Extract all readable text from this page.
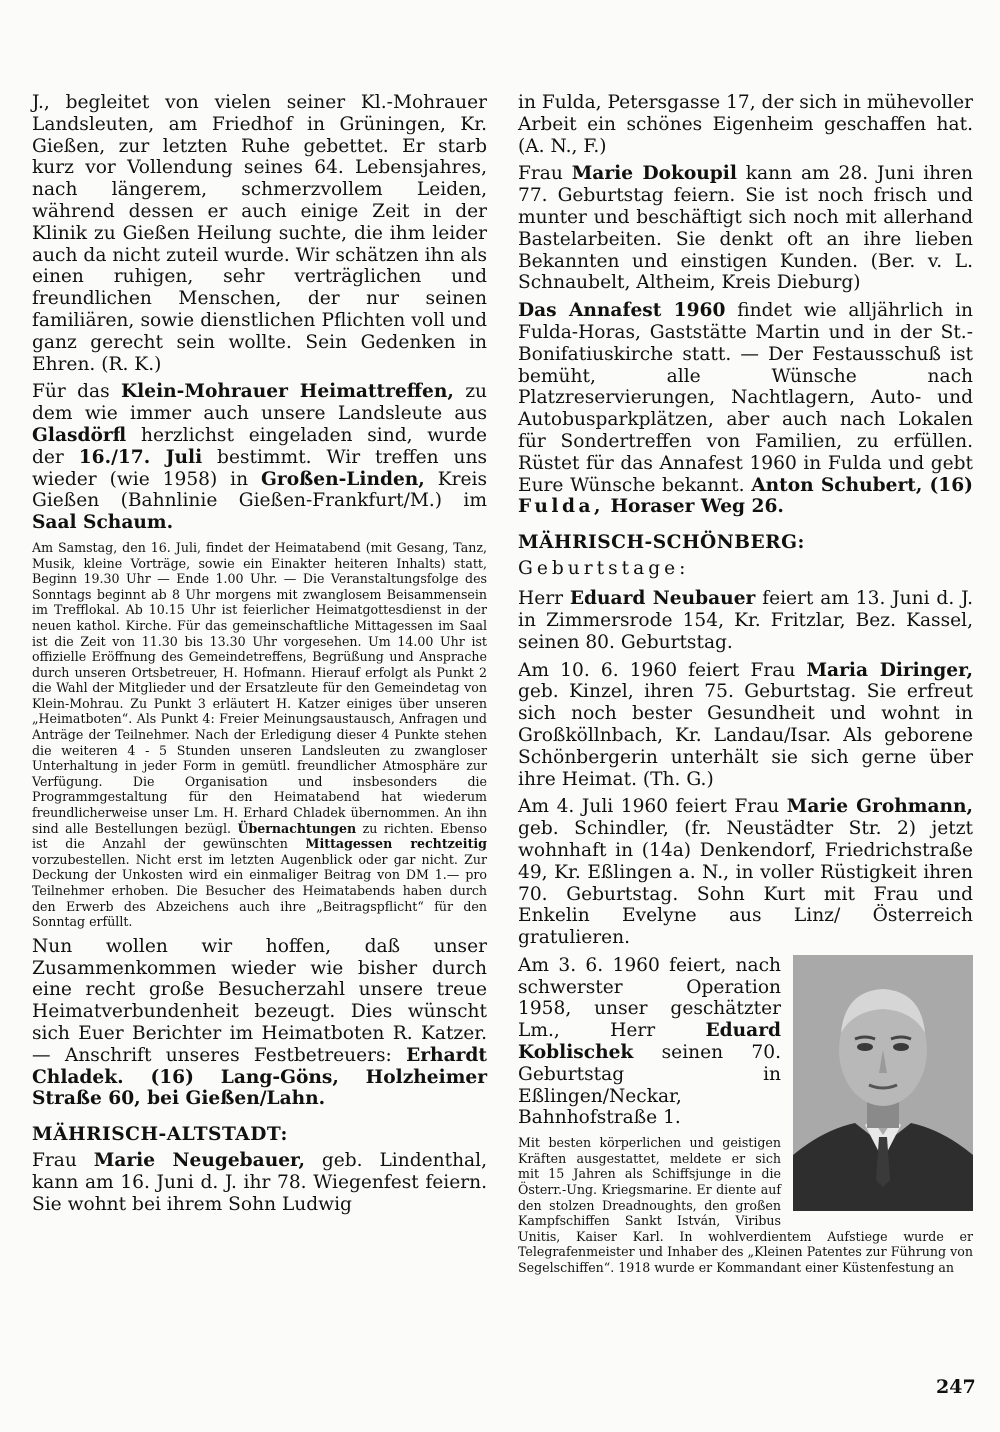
J., begleitet von vielen seiner Kl.-Mohrauer Landsleuten, am Friedhof in Grüningen, Kr. Gießen, zur letzten Ruhe gebettet. Er starb kurz vor Vollendung seines 64. Lebensjahres, nach längerem, schmerzvollem Leiden, während dessen er auch einige Zeit in der Klinik zu Gießen Heilung suchte, die ihm leider auch da nicht zuteil wurde. Wir schätzen ihn als einen ruhigen, sehr verträglichen und freundlichen Menschen, der nur seinen familiären, sowie dienstlichen Pflichten voll und ganz gerecht sein wollte. Sein Gedenken in Ehren. (R. K.)

Für das Klein-Mohrauer Heimattreffen, zu dem wie immer auch unsere Landsleute aus Glasdörfl herzlichst eingeladen sind, wurde der 16./17. Juli bestimmt. Wir treffen uns wieder (wie 1958) in Großen-Linden, Kreis Gießen (Bahnlinie Gießen-Frankfurt/M.) im Saal Schaum.

Am Samstag, den 16. Juli, findet der Heimatabend (mit Gesang, Tanz, Musik, kleine Vorträge, sowie ein Einakter heiteren Inhalts) statt, Beginn 19.30 Uhr — Ende 1.00 Uhr. — Die Veranstaltungsfolge des Sonntags beginnt ab 8 Uhr morgens mit zwanglosem Beisammensein im Trefflokal. Ab 10.15 Uhr ist feierlicher Heimatgottesdienst in der neuen kathol. Kirche. Für das gemeinschaftliche Mittagessen im Saal ist die Zeit von 11.30 bis 13.30 Uhr vorgesehen. Um 14.00 Uhr ist offizielle Eröffnung des Gemeindetreffens, Begrüßung und Ansprache durch unseren Ortsbetreuer, H. Hofmann. Hierauf erfolgt als Punkt 2 die Wahl der Mitglieder und der Ersatzleute für den Gemeindetag von Klein-Mohrau. Zu Punkt 3 erläutert H. Katzer einiges über unseren „Heimatboten“. Als Punkt 4: Freier Meinungsaustausch, Anfragen und Anträge der Teilnehmer. Nach der Erledigung dieser 4 Punkte stehen die weiteren 4 - 5 Stunden unseren Landsleuten zu zwangloser Unterhaltung in jeder Form in gemütl. freundlicher Atmosphäre zur Verfügung. Die Organisation und insbesonders die Programmgestaltung für den Heimatabend hat wiederum freundlicherweise unser Lm. H. Erhard Chladek übernommen. An ihn sind alle Bestellungen bezügl. Übernachtungen zu richten. Ebenso ist die Anzahl der gewünschten Mittagessen rechtzeitig vorzubestellen. Nicht erst im letzten Augenblick oder gar nicht. Zur Deckung der Unkosten wird ein einmaliger Beitrag von DM 1.— pro Teilnehmer erhoben. Die Besucher des Heimatabends haben durch den Erwerb des Abzeichens auch ihre „Beitragspflicht“ für den Sonntag erfüllt.

Nun wollen wir hoffen, daß unser Zusammenkommen wieder wie bisher durch eine recht große Besucherzahl unsere treue Heimatverbundenheit bezeugt. Dies wünscht sich Euer Berichter im Heimatboten R. Katzer. — Anschrift unseres Festbetreuers: Erhardt Chladek. (16) Lang-Göns, Holzheimer Straße 60, bei Gießen/Lahn.

MÄHRISCH-ALTSTADT:

Frau Marie Neugebauer, geb. Lindenthal, kann am 16. Juni d. J. ihr 78. Wiegenfest feiern. Sie wohnt bei ihrem Sohn Ludwig

in Fulda, Petersgasse 17, der sich in mühevoller Arbeit ein schönes Eigenheim geschaffen hat. (A. N., F.)

Frau Marie Dokoupil kann am 28. Juni ihren 77. Geburtstag feiern. Sie ist noch frisch und munter und beschäftigt sich noch mit allerhand Bastelarbeiten. Sie denkt oft an ihre lieben Bekannten und einstigen Kunden. (Ber. v. L. Schnaubelt, Altheim, Kreis Dieburg)

Das Annafest 1960 findet wie alljährlich in Fulda-Horas, Gaststätte Martin und in der St.- Bonifatiuskirche statt. — Der Festausschuß ist bemüht, alle Wünsche nach Platzreservierungen, Nachtlagern, Auto- und Autobusparkplätzen, aber auch nach Lokalen für Sondertreffen von Familien, zu erfüllen. Rüstet für das Annafest 1960 in Fulda und gebt Eure Wünsche bekannt. Anton Schubert, (16) Fulda, Horaser Weg 26.

MÄHRISCH-SCHÖNBERG:
Geburtstage:

Herr Eduard Neubauer feiert am 13. Juni d. J. in Zimmersrode 154, Kr. Fritzlar, Bez. Kassel, seinen 80. Geburtstag.

Am 10. 6. 1960 feiert Frau Maria Diringer, geb. Kinzel, ihren 75. Geburtstag. Sie erfreut sich noch bester Gesundheit und wohnt in Großköllnbach, Kr. Landau/Isar. Als geborene Schönbergerin unterhält sie sich gerne über ihre Heimat. (Th. G.)

Am 4. Juli 1960 feiert Frau Marie Grohmann, geb. Schindler, (fr. Neustädter Str. 2) jetzt wohnhaft in (14a) Denkendorf, Friedrichstraße 49, Kr. Eßlingen a. N., in voller Rüstigkeit ihren 70. Geburtstag. Sohn Kurt mit Frau und Enkelin Evelyne aus Linz/ Österreich gratulieren.

Am 3. 6. 1960 feiert, nach schwerster Operation 1958, unser geschätzter Lm., Herr Eduard Koblischek seinen 70. Geburtstag in Eßlingen/Neckar, Bahnhofstraße 1.

Mit besten körperlichen und geistigen Kräften ausgestattet, meldete er sich mit 15 Jahren als Schiffsjunge in die Österr.-Ung. Kriegsmarine. Er diente auf den stolzen Dreadnoughts, den großen Kampfschiffen Sankt István, Viribus Unitis, Kaiser Karl. In wohlverdientem Aufstiege wurde er Telegrafenmeister und Inhaber des „Kleinen Patentes zur Führung von Segelschiffen“. 1918 wurde er Kommandant einer Küstenfestung an

247
